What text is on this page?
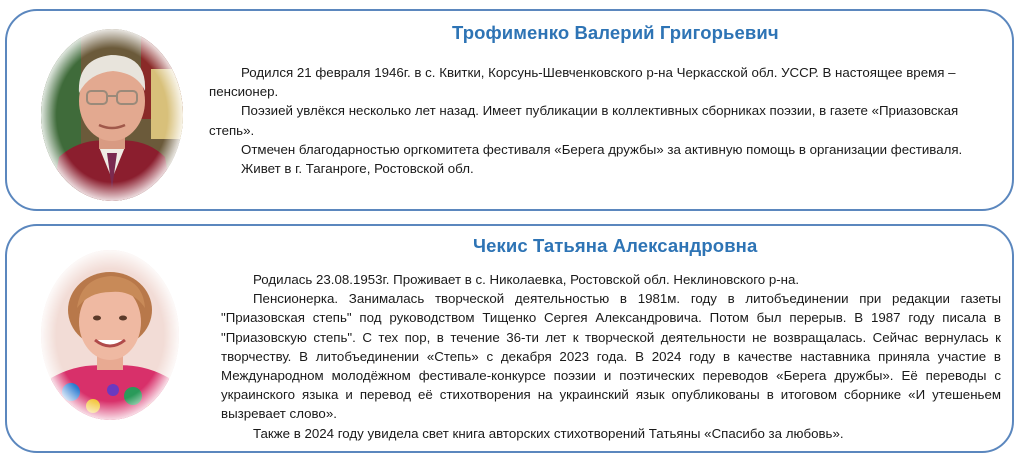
Трофименко Валерий Григорьевич

Родился 21 февраля 1946г. в с. Квитки, Корсунь-Шевченковского р-на Черкасской обл. УССР. В настоящее время – пенсионер.

Поэзией увлёкся несколько лет назад. Имеет публикации в коллективных сборниках поэзии, в газете «Приазовская степь».

Отмечен благодарностью оргкомитета фестиваля «Берега дружбы» за активную помощь в организации фестиваля.

Живет в г. Таганроге, Ростовской обл.

Чекис Татьяна Александровна

Родилась 23.08.1953г. Проживает в с. Николаевка, Ростовской обл. Неклиновского р-на.

Пенсионерка. Занималась творческой деятельностью в 1981м. году в литобъединении при редакции газеты "Приазовская степь" под руководством Тищенко Сергея Александровича. Потом был перерыв. В 1987 году писала в "Приазовскую степь". С тех пор, в течение 36-ти лет к творческой деятельности не возвращалась. Сейчас вернулась к творчеству. В литобъединении «Степь» с декабря 2023 года. В 2024 году в качестве наставника приняла участие в Международном молодёжном фестивале-конкурсе поэзии и поэтических переводов «Берега дружбы». Её переводы с украинского языка и перевод её стихотворения на украинский язык опубликованы в итоговом сборнике «И утешеньем вызревает слово».

Также в 2024 году увидела свет книга авторских стихотворений Татьяны «Спасибо за любовь».
